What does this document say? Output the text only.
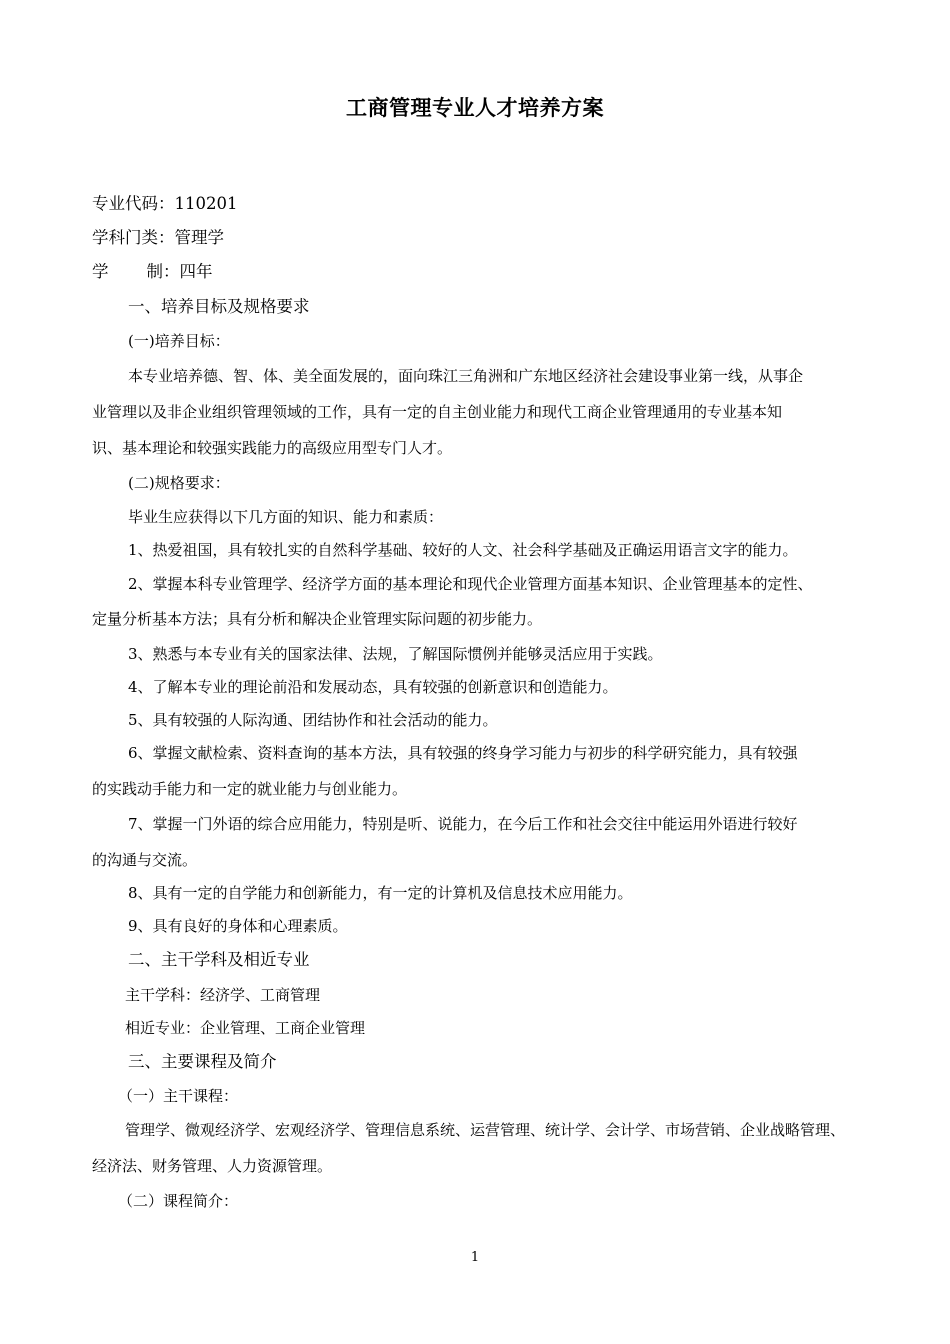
工商管理专业人才培养方案
专业代码：110201
学科门类：管理学
学 制：四年
一、培养目标及规格要求
(一)培养目标：
本专业培养德、智、体、美全面发展的，面向珠江三角洲和广东地区经济社会建设事业第一线，从事企
业管理以及非企业组织管理领域的工作，具有一定的自主创业能力和现代工商企业管理通用的专业基本知
识、基本理论和较强实践能力的高级应用型专门人才。
(二)规格要求：
毕业生应获得以下几方面的知识、能力和素质：
1、热爱祖国，具有较扎实的自然科学基础、较好的人文、社会科学基础及正确运用语言文字的能力。
2、掌握本科专业管理学、经济学方面的基本理论和现代企业管理方面基本知识、企业管理基本的定性、
定量分析基本方法；具有分析和解决企业管理实际问题的初步能力。
3、熟悉与本专业有关的国家法律、法规，了解国际惯例并能够灵活应用于实践。
4、了解本专业的理论前沿和发展动态，具有较强的创新意识和创造能力。
5、具有较强的人际沟通、团结协作和社会活动的能力。
6、掌握文献检索、资料查询的基本方法，具有较强的终身学习能力与初步的科学研究能力，具有较强
的实践动手能力和一定的就业能力与创业能力。
7、掌握一门外语的综合应用能力，特别是听、说能力，在今后工作和社会交往中能运用外语进行较好
的沟通与交流。
8、具有一定的自学能力和创新能力，有一定的计算机及信息技术应用能力。
9、具有良好的身体和心理素质。
二、主干学科及相近专业
主干学科：经济学、工商管理
相近专业：企业管理、工商企业管理
三、主要课程及简介
（一）主干课程：
管理学、微观经济学、宏观经济学、管理信息系统、运营管理、统计学、会计学、市场营销、企业战略管理、
经济法、财务管理、人力资源管理。
（二）课程简介：
1
